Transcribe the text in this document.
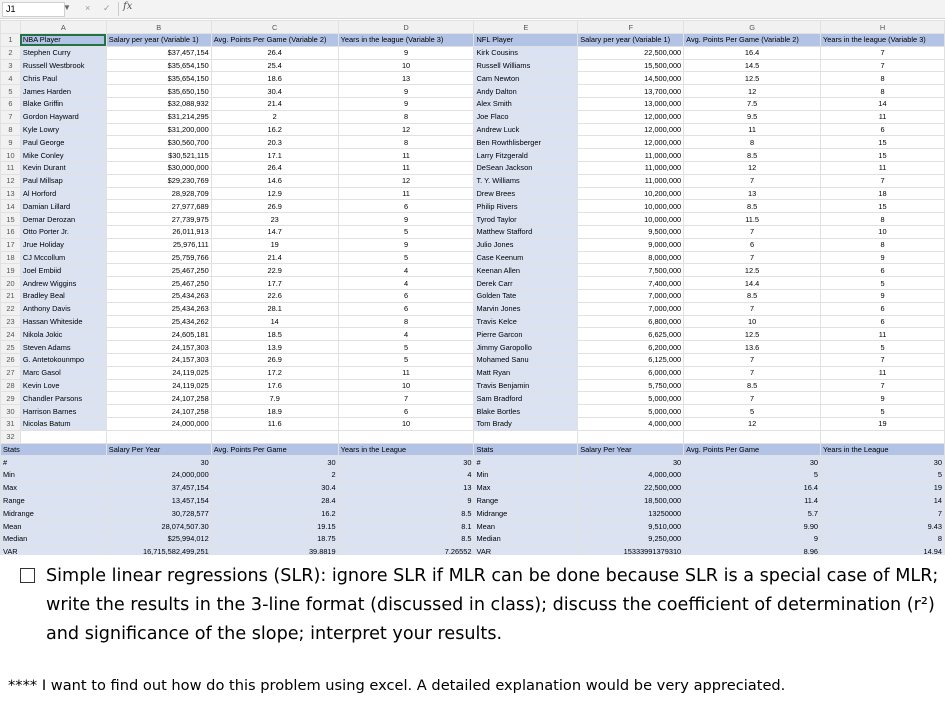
J1	▼ × ✓ fx
	A	B	C	D	E	F	G	H
1	NBA Player	Salary per year (Variable 1)	Avg. Points Per Game (Variable 2)	Years in the league (Variable 3)	NFL Player	Salary per year (Variable 1)	Avg. Points Per Game (Variable 2)	Years in the league (Variable 3)
2	Stephen Curry	$37,457,154	26.4	9	Kirk Cousins	22,500,000	16.4	7
3	Russell Westbrook	$35,654,150	25.4	10	Russell Williams	15,500,000	14.5	7
4	Chris Paul	$35,654,150	18.6	13	Cam Newton	14,500,000	12.5	8
5	James Harden	$35,650,150	30.4	9	Andy Dalton	13,700,000	12	8
6	Blake Griffin	$32,088,932	21.4	9	Alex Smith	13,000,000	7.5	14
7	Gordon Hayward	$31,214,295	2	8	Joe Flaco	12,000,000	9.5	11
8	Kyle Lowry	$31,200,000	16.2	12	Andrew Luck	12,000,000	11	6
9	Paul George	$30,560,700	20.3	8	Ben Rowthlisberger	12,000,000	8	15
10	Mike Conley	$30,521,115	17.1	11	Larry Fitzgerald	11,000,000	8.5	15
11	Kevin Durant	$30,000,000	26.4	11	DeSean Jackson	11,000,000	12	11
12	Paul Millsap	$29,230,769	14.6	12	T. Y. Williams	11,000,000	7	7
13	Al Horford	28,928,709	12.9	11	Drew Brees	10,200,000	13	18
14	Damian Lillard	27,977,689	26.9	6	Philip Rivers	10,000,000	8.5	15
15	Demar Derozan	27,739,975	23	9	Tyrod Taylor	10,000,000	11.5	8
16	Otto Porter Jr.	26,011,913	14.7	5	Matthew Stafford	9,500,000	7	10
17	Jrue Holiday	25,976,111	19	9	Julio Jones	9,000,000	6	8
18	CJ Mccollum	25,759,766	21.4	5	Case Keenum	8,000,000	7	9
19	Joel Embiid	25,467,250	22.9	4	Keenan Allen	7,500,000	12.5	6
20	Andrew Wiggins	25,467,250	17.7	4	Derek Carr	7,400,000	14.4	5
21	Bradley Beal	25,434,263	22.6	6	Golden Tate	7,000,000	8.5	9
22	Anthony Davis	25,434,263	28.1	6	Marvin Jones	7,000,000	7	6
23	Hassan Whiteside	25,434,262	14	8	Travis Kelce	6,800,000	10	6
24	Nikola Jokic	24,605,181	18.5	4	Pierre Garcon	6,625,000	12.5	11
25	Steven Adams	24,157,303	13.9	5	Jimmy Garopollo	6,200,000	13.6	5
26	G. Antetokounmpo	24,157,303	26.9	5	Mohamed Sanu	6,125,000	7	7
27	Marc Gasol	24,119,025	17.2	11	Matt Ryan	6,000,000	7	11
28	Kevin Love	24,119,025	17.6	10	Travis Benjamin	5,750,000	8.5	7
29	Chandler Parsons	24,107,258	7.9	7	Sam Bradford	5,000,000	7	9
30	Harrison Barnes	24,107,258	18.9	6	Blake Bortles	5,000,000	5	5
31	Nicolas Batum	24,000,000	11.6	10	Tom Brady	4,000,000	12	19
32								
Stats		Salary Per Year	Avg. Points Per Game	Years in the League	Stats	Salary Per Year	Avg. Points Per Game	Years in the League
#		30	30	30	#	30	30	30
Min		24,000,000	2	4	Min	4,000,000	5	5
Max		37,457,154	30.4	13	Max	22,500,000	16.4	19
Range		13,457,154	28.4	9	Range	18,500,000	11.4	14
Midrange		30,728,577	16.2	8.5	Midrange	13250000	5.7	7
Mean		28,074,507.30	19.15	8.1	Mean	9,510,000	9.90	9.43
Median		$25,994,012	18.75	8.5	Median	9,250,000	9	8
VAR		16,715,582,499,251	39.8819	7.26552	VAR	15333991379310	8.96	14.94

Simple linear regressions (SLR): ignore SLR if MLR can be done because SLR is a special case of MLR; write the results in the 3-line format (discussed in class); discuss the coefficient of determination (r²) and significance of the slope; interpret your results.
**** I want to find out how do this problem using excel. A detailed explanation would be very appreciated.
